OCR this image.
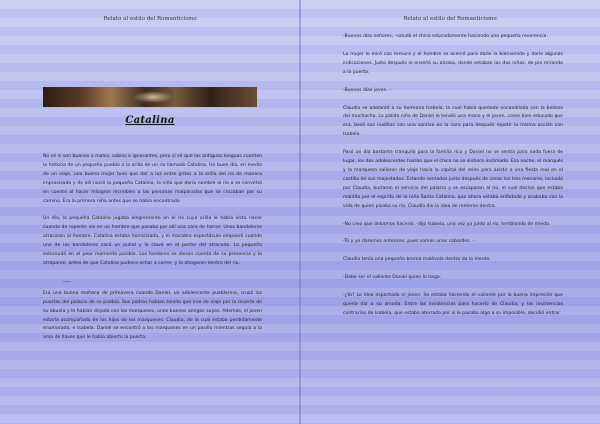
Relato al estilo del Romanticismo
Catalina

No sé si son buenos o malos, sabios o ignorantes, pero sí sé que las antiguas lenguas cuentan la historia de un pequeño pueblo a la orilla de un río llamado Catalina. Un buen día, en medio de un viaje, una buena mujer tuvo que dar a luz entre gritos a la orilla del río de manera improvisada y de allí nació la pequeña Catalina, la niña que daría nombre al río o se convirtió en cuento al hacer milagros increíbles a las personas malparadas que se cruzaban por su camino. Era la primera niña antes que se había encontrado.

Un día, la pequeña Catalina jugaba alegremente en el río cuya orilla le había visto nacer cuando de repente vio en un hombre que pasaba por allí una cara de horror. Unos bandoleros atracaron al hombre. Catalina estaba horrorizada, y el macabro espectáculo empeoró cuando uno de los bandoleros sacó un puñal y lo clavó en el pecho del atracado. La pequeña estornudó en el peor momento posible. Los hombres se dieron cuenta de su presencia y la atraparon, antes de que Catalina pudiera echar a correr, y la ahogaron dentro del río.

___

Era una buena mañana de primavera cuando Daniel, un adolescente pueblerino, cruzó las puertas del palacio de su pueblo. Sus padres habían tenido que irse de viaje por la muerte de su abuela y le habían dejado con los marqueses, unos buenos amigos suyos. Además, el joven estaría acompañado de los hijos de los marqueses: Claudia, de la cual estaba perdidamente enamorado, e Isabela. Daniel se encontró a los marqueses en un pasillo mientras seguía a la ama de llaves que le había abierto la puerta.

Relato al estilo del Romanticismo

-Buenos días señores, -saludó el chico educadamente haciendo una pequeña reverencia.

La mujer lo miró con ternura y el hombre se acercó para darle la bienvenida y darle algunas indicaciones. Justo después le enseñó su alcoba, donde estaban las dos niñas, de pie mirando a la puerta.

-Buenos días joven. -

Claudia se adelantó a su hermana Isabela, la cual había quedado encandilada con la belleza del muchacho. La pálida niña de Daniel le tendió una mano y el joven, como bien educado que era, besó sus nudillos con una sonrisa en la cara para después repetir la misma acción con Isabela.

Pasó un día bastante tranquilo para la familia rica y Daniel no se sentía para nada fuera de lugar, los dos adolescentes hacían que el chico no se sintiera incómodo. Esa noche, el marqués y la marquesa salieron de viaje hacia la capital del reino para asistir a una fiesta real en el castillo de sus majestades. Estando sentados justo después de cenar los tres menores, incluido por Claudia, burlaron el servicio del palacio y se escaparon al río, el cual decían que estaba maldito por el espíritu de la niña Santa Catalina, que ahora estaba enfadado y acababa con la vida de quien pisaba su río. Claudia dio la idea de meterse dentro.

-No creo que debamos hacerlo. -dijo Isabela, una vez ya junto al río, temblando de miedo.

-Tú y yo daremos entonces, pues somos unas cobardes. -

Claudia tenía una pequeña broma malévola dentro de la mente.

-Debe ser el valiente Daniel quien lo haga.

-¿Yo? Lo idea espantada el joven. Se estaba haciendo el valiente por la buena impresión que quería dar a su amada. Entre las insistencias para hacerlo de Claudia, y las insistencias contrarias de Isabela, que estaba aterrada por si le pasaba algo a su imposible, decidió entrar.
